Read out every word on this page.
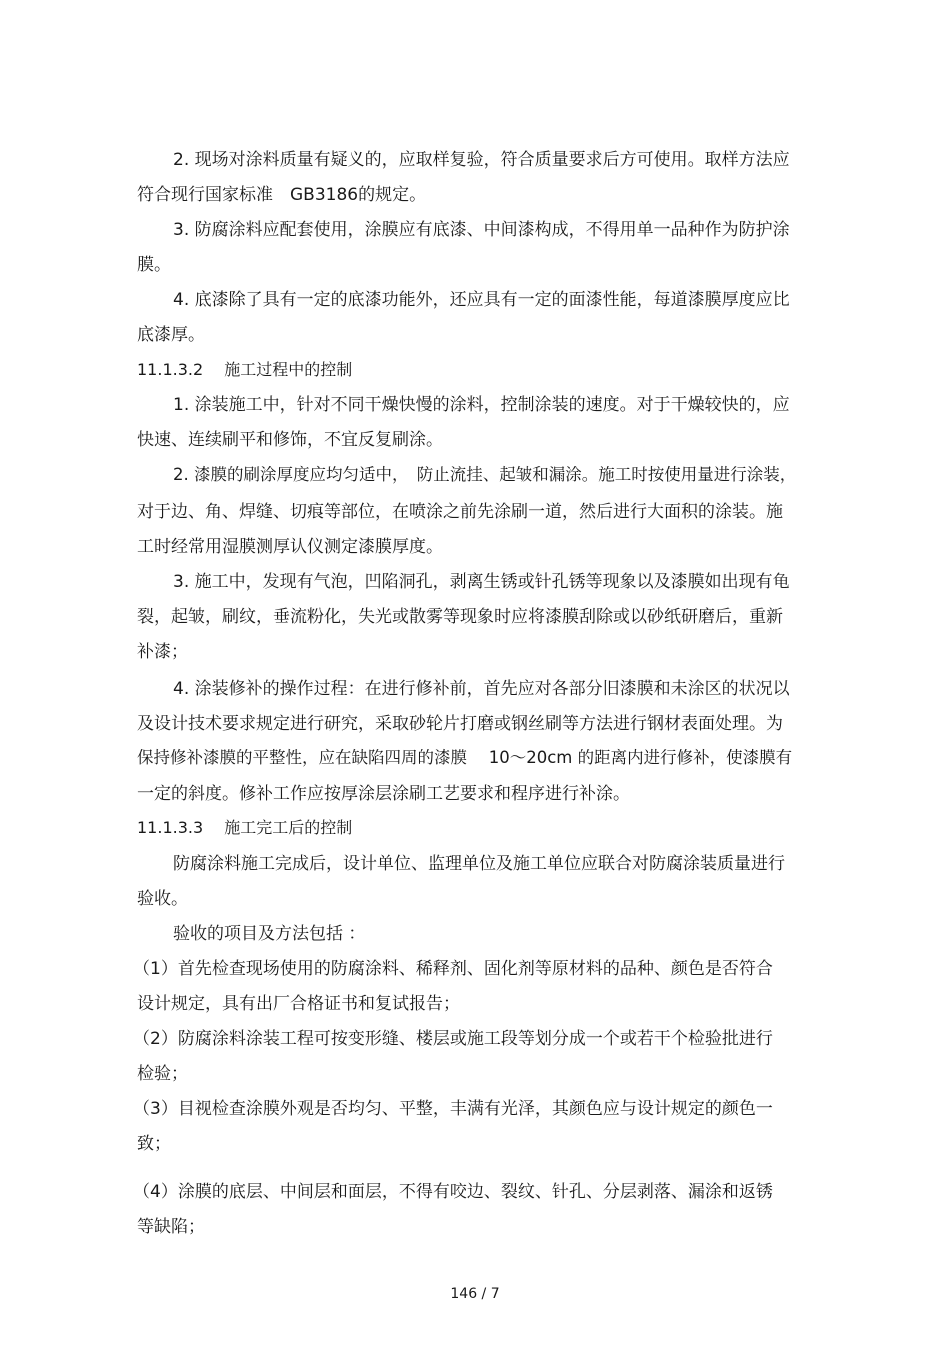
2. 现场对涂料质量有疑义的，应取样复验，符合质量要求后方可使用。取样方法应
符合现行国家标准　GB3186的规定。
3. 防腐涂料应配套使用，涂膜应有底漆、中间漆构成，不得用单一品种作为防护涂
膜。
4. 底漆除了具有一定的底漆功能外，还应具有一定的面漆性能，每道漆膜厚度应比
底漆厚。
11.1.3.2　 施工过程中的控制
1. 涂装施工中，针对不同干燥快慢的涂料，控制涂装的速度。对于干燥较快的，应
快速、连续刷平和修饰，不宜反复刷涂。
2. 漆膜的刷涂厚度应均匀适中，　防止流挂、起皱和漏涂。施工时按使用量进行涂装，
对于边、角、焊缝、切痕等部位，在喷涂之前先涂刷一道，然后进行大面积的涂装。施
工时经常用湿膜测厚认仪测定漆膜厚度。
3. 施工中，发现有气泡，凹陷洞孔，剥离生锈或针孔锈等现象以及漆膜如出现有龟
裂，起皱，刷纹，垂流粉化，失光或散雾等现象时应将漆膜刮除或以砂纸研磨后，重新
补漆；
4. 涂装修补的操作过程：在进行修补前，首先应对各部分旧漆膜和未涂区的状况以
及设计技术要求规定进行研究，采取砂轮片打磨或钢丝刷等方法进行钢材表面处理。为
保持修补漆膜的平整性，应在缺陷四周的漆膜　 10～20cm 的距离内进行修补，使漆膜有
一定的斜度。修补工作应按厚涂层涂刷工艺要求和程序进行补涂。
11.1.3.3　 施工完工后的控制
防腐涂料施工完成后，设计单位、监理单位及施工单位应联合对防腐涂装质量进行
验收。
验收的项目及方法包括 ：
（1）首先检查现场使用的防腐涂料、稀释剂、固化剂等原材料的品种、颜色是否符合
设计规定，具有出厂合格证书和复试报告；
（2）防腐涂料涂装工程可按变形缝、楼层或施工段等划分成一个或若干个检验批进行
检验；
（3）目视检查涂膜外观是否均匀、平整，丰满有光泽，其颜色应与设计规定的颜色一
致；
（4）涂膜的底层、中间层和面层，不得有咬边、裂纹、针孔、分层剥落、漏涂和返锈
等缺陷；
146 / 7
